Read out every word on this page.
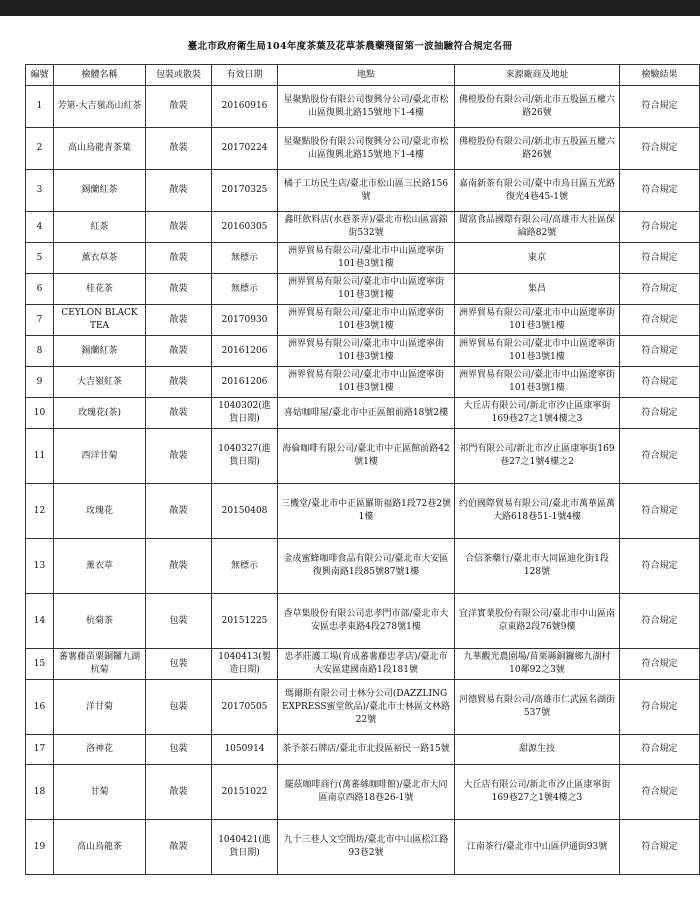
臺北市政府衛生局104年度茶葉及花草茶農藥殘留第一波抽驗符合規定名冊
編號	檢體名稱	包裝或散裝	有效日期	地點	來源廠商及地址	檢驗結果
1	芳第-大吉嶺高山紅茶	散裝	20160916	星聚點股份有限公司復興分公司/臺北市松山區復興北路15號地下1-4樓	佛橙股份有限公司/新北市五股區五權六路26號	符合規定
2	高山烏龍青茶葉	散裝	20170224	星聚點股份有限公司復興分公司/臺北市松山區復興北路15號地下1-4樓	佛橙股份有限公司/新北市五股區五權六路26號	符合規定
3	錫蘭紅茶	散裝	20170325	橘子工坊民生店/臺北市松山區三民路156號	嘉南新茶有限公司/臺中市烏日區五光路復光4巷45-1號	符合規定
4	紅茶	散裝	20160305	鑫旺飲料店(水巷茶弄)/臺北市松山區富錦街532號	閩富食品國際有限公司/高雄市大社區保綸路82號	符合規定
5	薰衣草茶	散裝	無標示	洲界貿易有限公司/臺北市中山區遼寧街101巷3號1樓	東京	符合規定
6	桂花茶	散裝	無標示	洲界貿易有限公司/臺北市中山區遼寧街101巷3號1樓	集昌	符合規定
7	CEYLON BLACK TEA	散裝	20170930	洲界貿易有限公司/臺北市中山區遼寧街101巷3號1樓	洲界貿易有限公司/臺北市中山區遼寧街101巷3號1樓	符合規定
8	錫蘭紅茶	散裝	20161206	洲界貿易有限公司/臺北市中山區遼寧街101巷3號1樓	洲界貿易有限公司/臺北市中山區遼寧街101巷3號1樓	符合規定
9	大吉嶺紅茶	散裝	20161206	洲界貿易有限公司/臺北市中山區遼寧街101巷3號1樓	洲界貿易有限公司/臺北市中山區遼寧街101巷3號1樓	符合規定
10	玫瑰花(茶)	散裝	1040302(進貨日期)	喜姑咖啡屋/臺北市中正區館前路18號2樓	大丘店有限公司/新北市汐止區康寧街169巷27之1號4樓之3	符合規定
11	西洋甘菊	散裝	1040327(進貨日期)	海倫咖啡有限公司/臺北市中正區館前路42號1樓	祁門有限公司/新北市汐止區康寧街169巷27之1號4樓之2	符合規定
12	玫瑰花	散裝	20150408	三機堂/臺北市中正區羅斯福路1段72巷2號1樓	约伯國際貿易有限公司/臺北市萬華區萬大路618巷51-1號4樓	符合規定
13	薰衣草	散裝	無標示	金成蜜蜂咖啡食品有限公司/臺北市大安區復興南路1段85號87號1樓	合信茶藥行/臺北市大同區迪化街1段128號	符合規定
14	杭菊茶	包裝	20151225	香草集股份有限公司忠孝門市部/臺北市大安區忠孝東路4段278號1樓	宜洋實業股份有限公司/臺北市中山區南京東路2段76號9樓	符合規定
15	蕃薯藤苗栗銅鑼九湖杭菊	包裝	1040413(製造日期)	忠孝莊護工場(育成蕃薯藤忠孝店)/臺北市大安區建國南路1段181號	九華觀光農園場/苗栗縣銅鑼鄉九湖村10鄰92之3號	符合規定
16	洋甘菊	包裝	20170505	瑪爾斯有限公司士林分公司(DAZZLING EXPRESS蜜堂飲品)/臺北市士林區文林路22號	河德貿易有限公司/高雄市仁武區名湖街537號	符合規定
17	洛神花	包裝	1050914	茶予茶石牌店/臺北市北投區裕民一路15號	甜源生技	符合規定
18	甘菊	散裝	20151022	擺茲咖啡商行(萬蕃絲咖啡館)/臺北市大同區南京西路18巷26-1號	大丘店有限公司/新北市汐止區康寧街169巷27之1號4樓之3	符合規定
19	高山烏龍茶	散裝	1040421(進貨日期)	九十三巷人文空間坊/臺北市中山區松江路93巷2號	江南茶行/臺北市中山區伊通街93號	符合規定
